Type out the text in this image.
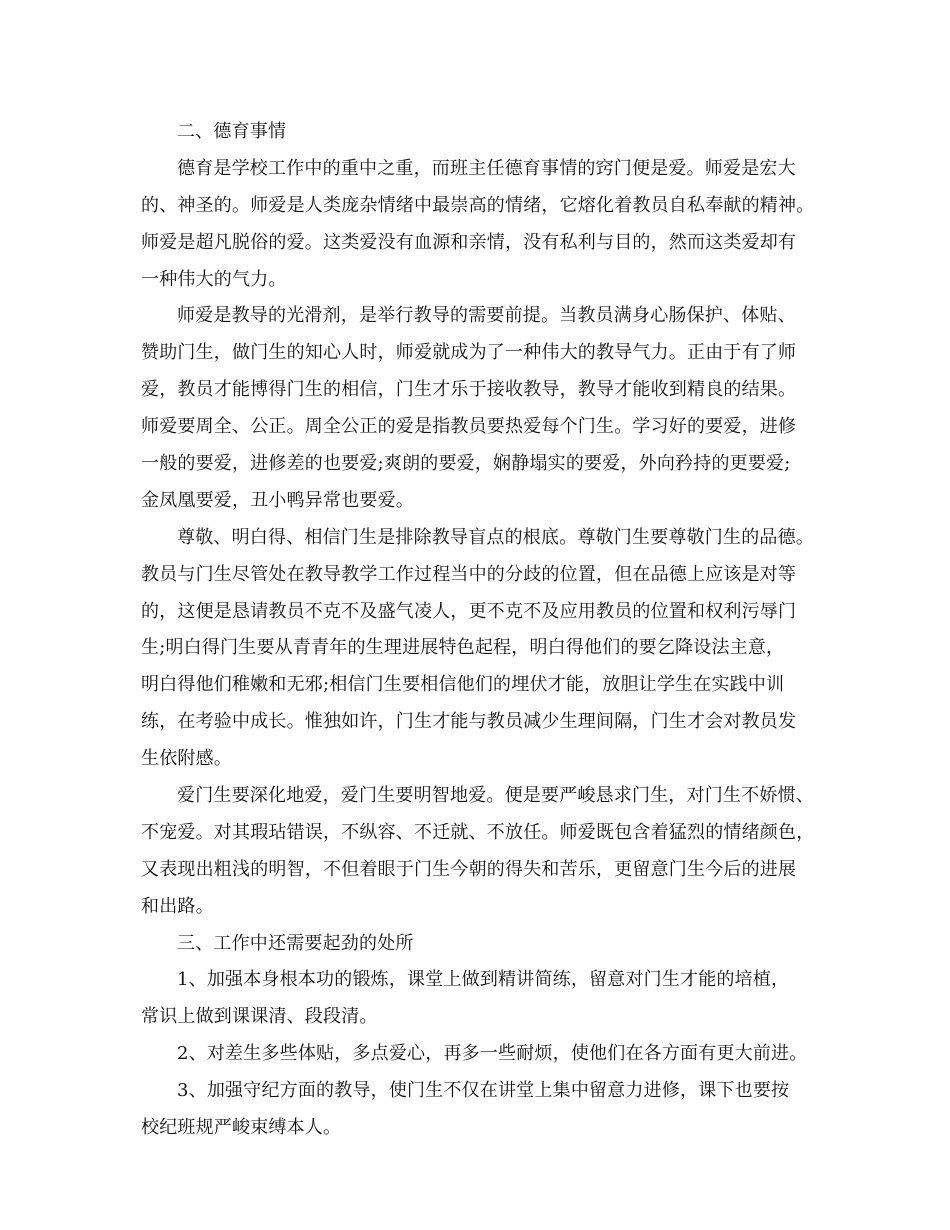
二、德育事情
德育是学校工作中的重中之重，而班主任德育事情的窍门便是爱。师爱是宏大
的、神圣的。师爱是人类庞杂情绪中最崇高的情绪，它熔化着教员自私奉献的精神。
师爱是超凡脱俗的爱。这类爱没有血源和亲情，没有私利与目的，然而这类爱却有
一种伟大的气力。
师爱是教导的光滑剂，是举行教导的需要前提。当教员满身心肠保护、体贴、
赞助门生，做门生的知心人时，师爱就成为了一种伟大的教导气力。正由于有了师
爱，教员才能博得门生的相信，门生才乐于接收教导，教导才能收到精良的结果。
师爱要周全、公正。周全公正的爱是指教员要热爱每个门生。学习好的要爱，进修
一般的要爱，进修差的也要爱;爽朗的要爱，娴静塌实的要爱，外向矜持的更要爱;
金凤凰要爱，丑小鸭异常也要爱。
尊敬、明白得、相信门生是排除教导盲点的根底。尊敬门生要尊敬门生的品德。
教员与门生尽管处在教导教学工作过程当中的分歧的位置，但在品德上应该是对等
的，这便是恳请教员不克不及盛气凌人，更不克不及应用教员的位置和权利污辱门
生;明白得门生要从青青年的生理进展特色起程，明白得他们的要乞降设法主意，
明白得他们稚嫩和无邪;相信门生要相信他们的埋伏才能，放胆让学生在实践中训
练，在考验中成长。惟独如许，门生才能与教员减少生理间隔，门生才会对教员发
生依附感。
爱门生要深化地爱，爱门生要明智地爱。便是要严峻恳求门生，对门生不娇惯、
不宠爱。对其瑕玷错误，不纵容、不迁就、不放任。师爱既包含着猛烈的情绪颜色，
又表现出粗浅的明智，不但着眼于门生今朝的得失和苦乐，更留意门生今后的进展
和出路。
三、工作中还需要起劲的处所
1、加强本身根本功的锻炼，课堂上做到精讲简练，留意对门生才能的培植，
常识上做到课课清、段段清。
2、对差生多些体贴，多点爱心，再多一些耐烦，使他们在各方面有更大前进。
3、加强守纪方面的教导，使门生不仅在讲堂上集中留意力进修，课下也要按
校纪班规严峻束缚本人。
